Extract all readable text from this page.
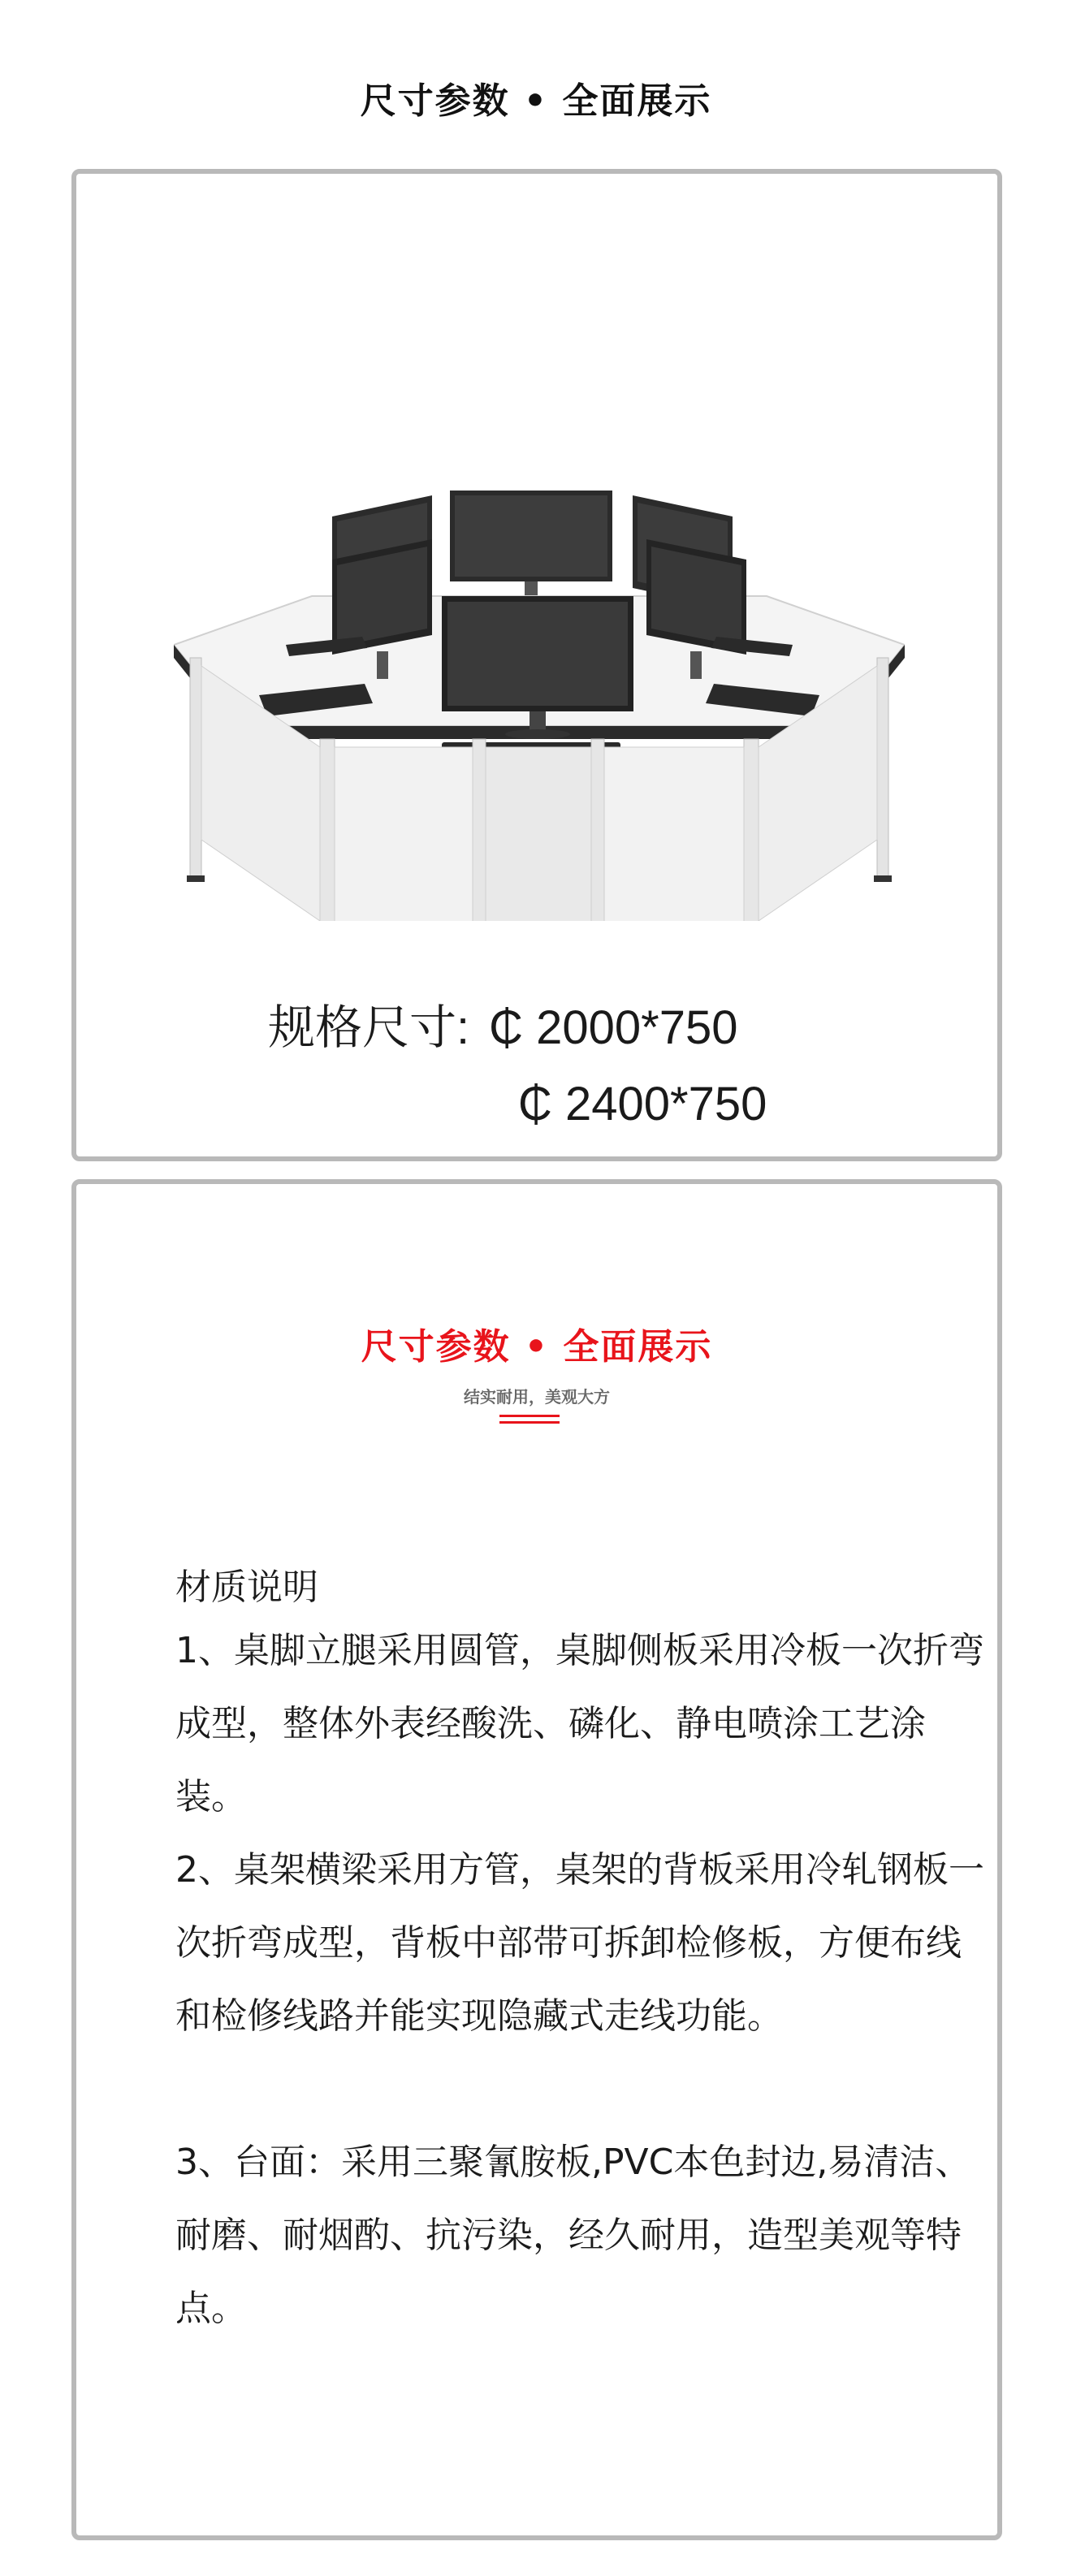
尺寸参数 • 全面展示
规格尺寸: ₵ 2000*750
₵ 2400*750
尺寸参数 • 全面展示
结实耐用，美观大方
材质说明
1、桌脚立腿采用圆管，桌脚侧板采用冷板一次折弯成型，整体外表经酸洗、磷化、静电喷涂工艺涂装。
2、桌架横梁采用方管，桌架的背板采用冷轧钢板一次折弯成型，背板中部带可拆卸检修板，方便布线和检修线路并能实现隐藏式走线功能。
3、台面：采用三聚氰胺板,PVC本色封边,易清洁、耐磨、耐烟酌、抗污染，经久耐用，造型美观等特点。
